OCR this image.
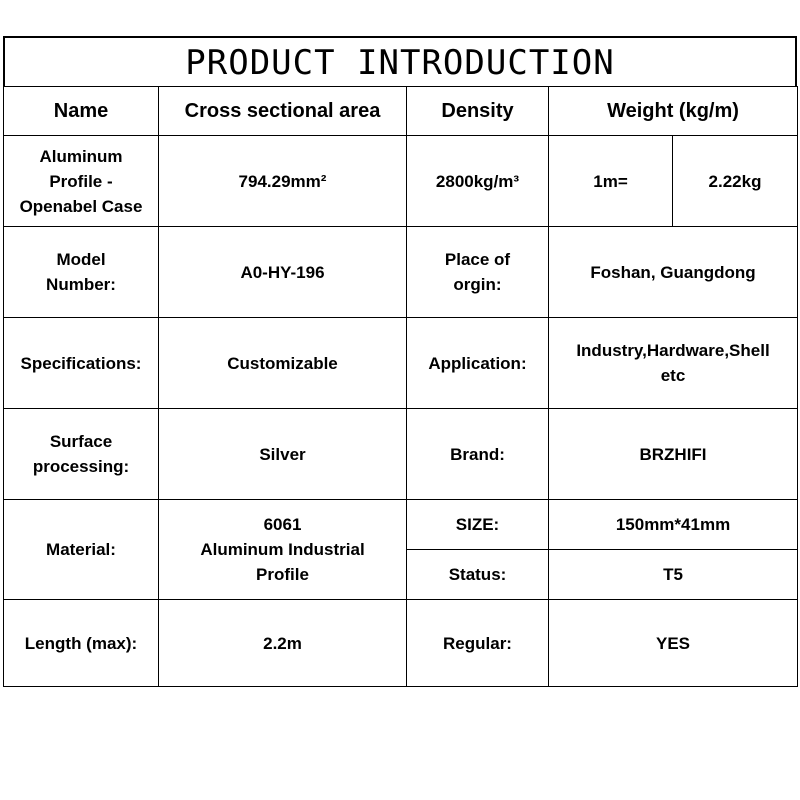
PRODUCT INTRODUCTION
Name	Cross sectional area	Density	Weight (kg/m)	

Aluminum
Profile -
Openabel Case	794.29mm²	2800kg/m³	1m=	2.22kg

Model
Number:	A0-HY-196	Place of
orgin:	Foshan, Guangdong	
Specifications:	Customizable	Application:	Industry,Hardware,Shell
etc	

Surface
processing:	Silver	Brand:	BRZHIFI	
Material:	6061
Aluminum Industrial
Profile	SIZE:	150mm*41mm	
		Status:	T5	
Length (max):	2.2m	Regular:	YES	
